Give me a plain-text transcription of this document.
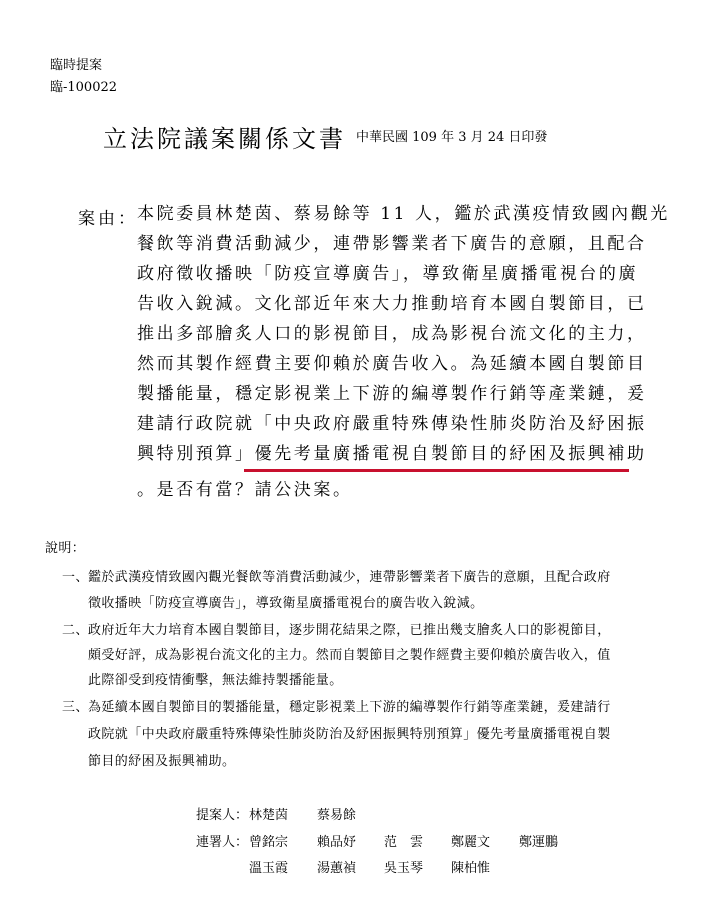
臨時提案
臨-100022
立法院議案關係文書 中華民國 109 年 3 月 24 日印發
案由： 本院委員林楚茵、蔡易餘等 11 人，鑑於武漢疫情致國內觀光
餐飲等消費活動減少，連帶影響業者下廣告的意願，且配合
政府徵收播映「防疫宣導廣告」，導致衛星廣播電視台的廣
告收入銳減。文化部近年來大力推動培育本國自製節目，已
推出多部膾炙人口的影視節目，成為影視台流文化的主力，
然而其製作經費主要仰賴於廣告收入。為延續本國自製節目
製播能量，穩定影視業上下游的編導製作行銷等產業鏈，爰
建請行政院就「中央政府嚴重特殊傳染性肺炎防治及紓困振
興特別預算」優先考量廣播電視自製節目的紓困及振興補助
。是否有當？請公決案。
說明：
一、 鑑於武漢疫情致國內觀光餐飲等消費活動減少，連帶影響業者下廣告的意願，且配合政府
徵收播映「防疫宣導廣告」，導致衛星廣播電視台的廣告收入銳減。
二、 政府近年大力培育本國自製節目，逐步開花結果之際，已推出幾支膾炙人口的影視節目，
頗受好評，成為影視台流文化的主力。然而自製節目之製作經費主要仰賴於廣告收入，值
此際卻受到疫情衝擊，無法維持製播能量。
三、 為延續本國自製節目的製播能量，穩定影視業上下游的編導製作行銷等產業鏈，爰建請行
政院就「中央政府嚴重特殊傳染性肺炎防治及紓困振興特別預算」優先考量廣播電視自製
節目的紓困及振興補助。
提案人： 林楚茵 蔡易餘
連署人： 曾銘宗 賴品妤 范　雲 鄭麗文 鄭運鵬
溫玉霞 湯蕙禎 吳玉琴 陳柏惟
